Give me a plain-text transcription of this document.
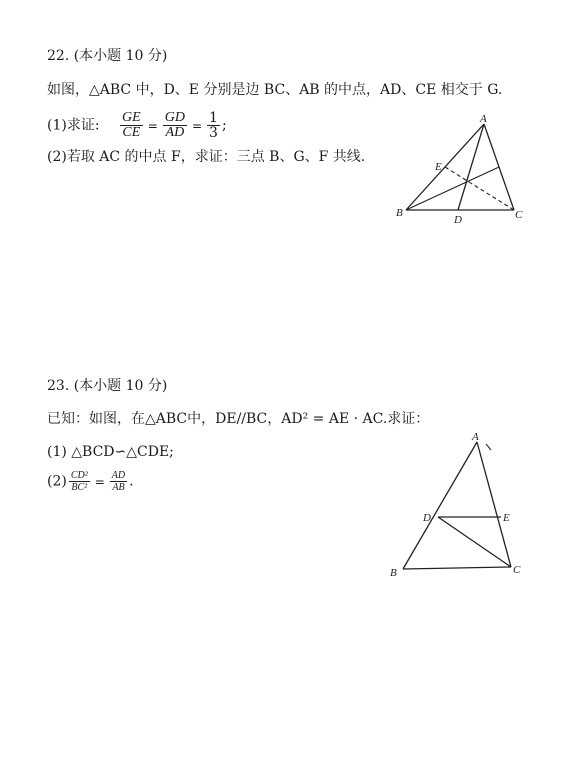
22. (本小题 10 分)
如图，△ABC 中，D、E 分别是边 BC、AB 的中点，AD、CE 相交于 G.
(1)求证: $\frac{GE}{CE} = \frac{GD}{AD} = \frac{1}{3}$ ;
(2)若取 AC 的中点 F，求证：三点 B、G、F 共线.
A
E
B
D	C
23. (本小题 10 分)
已知：如图，在△ABC中，DE//BC，AD² = AE · AC.求证：
(1) △BCD∽△CDE;
$(2) \frac{\text{CD²}}{\text{BC²}} = \frac{AD}{AB}$ .
A
D	E
B	C
